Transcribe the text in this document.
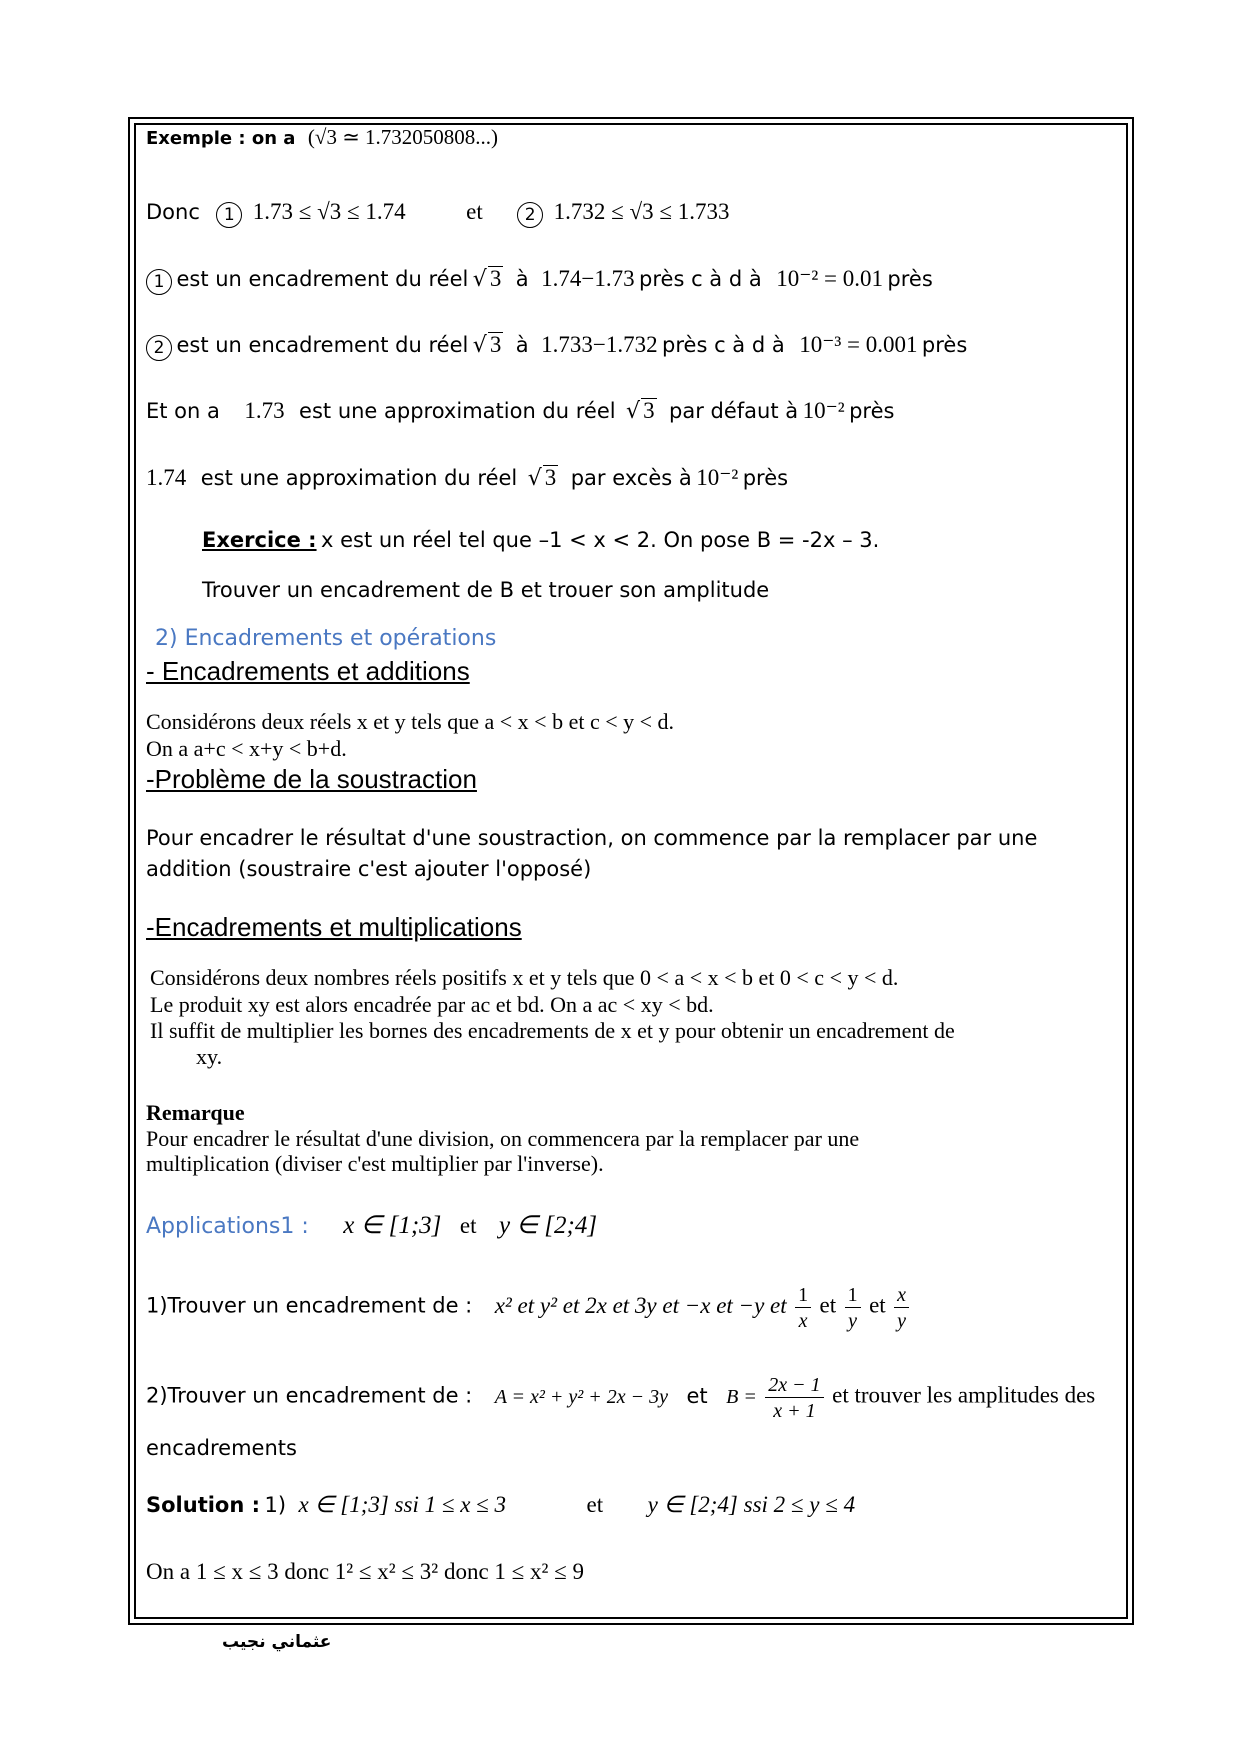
Exemple : on a (√3 ≃ 1.732050808...)
Donc 1 1.73 ≤ √3 ≤ 1.74	et 2 1.732 ≤ √3 ≤ 1.733
1 est un encadrement du réel √ 3 à 1.74−1.73 près c à d à 10⁻² = 0.01 près
2 est un encadrement du réel √ 3 à 1.733−1.732 près c à d à 10⁻³ = 0.001 près
Et on a 1.73 est une approximation du réel √ 3 par défaut à 10⁻² près
1.74 est une approximation du réel √ 3 par excès à 10⁻² près
Exercice : x est un réel tel que –1 < x < 2. On pose B = -2x – 3.
Trouver un encadrement de B et trouer son amplitude
2) Encadrements et opérations
- Encadrements et additions
Considérons deux réels x et y tels que a < x < b et c < y < d.
On a a+c < x+y < b+d.
-Problème de la soustraction
Pour encadrer le résultat d'une soustraction, on commence par la remplacer par une
addition (soustraire c'est ajouter l'opposé)
-Encadrements et multiplications
Considérons deux nombres réels positifs x et y tels que 0 < a < x < b et 0 < c < y < d.
Le produit xy est alors encadrée par ac et bd. On a ac < xy < bd.
Il suffit de multiplier les bornes des encadrements de x et y pour obtenir un encadrement de
xy.
Remarque
Pour encadrer le résultat d'une division, on commencera par la remplacer par une
multiplication (diviser c'est multiplier par l'inverse).
Applications1 : x ∈ [1;3] et y ∈ [2;4]
1)Trouver un encadrement de : x² et y² et 2x et 3y et −x et −y et $\frac{1}{x}$ et $\frac{1}{y}$ et $\frac{x}{y}$
2)Trouver un encadrement de : A = x² + y² + 2x − 3y et $B = \frac{2x - 1}{x + 1}$ et trouver les amplitudes des
encadrements
Solution : 1) x ∈ [1;3] ssi 1 ≤ x ≤ 3	et y ∈ [2;4] ssi 2 ≤ y ≤ 4
On a 1 ≤ x ≤ 3 donc 1² ≤ x² ≤ 3² donc 1 ≤ x² ≤ 9
عثماني نجيب
